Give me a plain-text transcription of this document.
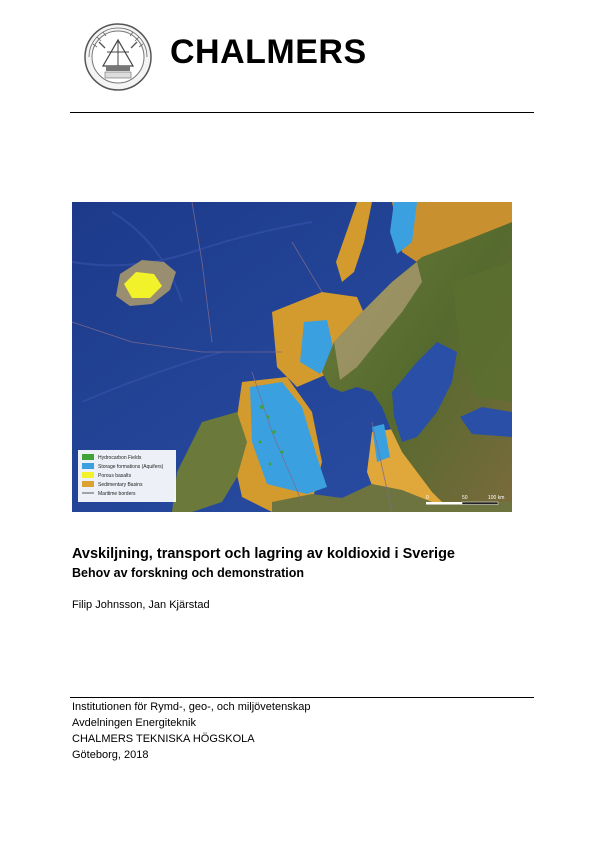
CHALMERS
Hydrocarbon Fields
Storage formations (Aquifers)
Porous basalts
Sedimentary Basins
Maritime borders
0	50	100 km
Avskiljning, transport och lagring av koldioxid i Sverige
Behov av forskning och demonstration
Filip Johnsson, Jan Kjärstad
Institutionen för Rymd-, geo-, och miljövetenskap
Avdelningen Energiteknik
CHALMERS TEKNISKA HÖGSKOLA
Göteborg, 2018
